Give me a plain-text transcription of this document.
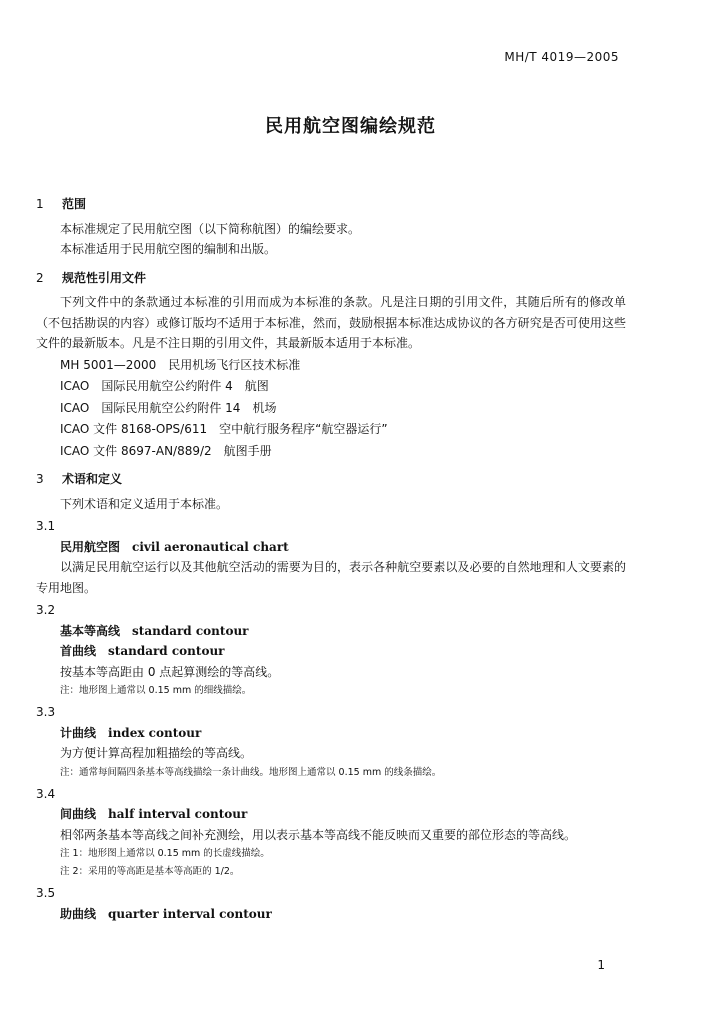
MH/T 4019—2005
民用航空图编绘规范
1 范围
本标准规定了民用航空图（以下简称航图）的编绘要求。
本标准适用于民用航空图的编制和出版。
2 规范性引用文件
下列文件中的条款通过本标准的引用而成为本标准的条款。凡是注日期的引用文件，其随后所有的修改单（不包括勘误的内容）或修订版均不适用于本标准，然而，鼓励根据本标准达成协议的各方研究是否可使用这些文件的最新版本。凡是不注日期的引用文件，其最新版本适用于本标准。
MH 5001—2000　民用机场飞行区技术标准
ICAO　国际民用航空公约附件 4　航图
ICAO　国际民用航空公约附件 14　机场
ICAO 文件 8168-OPS/611　空中航行服务程序“航空器运行”
ICAO 文件 8697-AN/889/2　航图手册
3 术语和定义
下列术语和定义适用于本标准。
3.1
民用航空图 civil aeronautical chart
以满足民用航空运行以及其他航空活动的需要为目的，表示各种航空要素以及必要的自然地理和人文要素的专用地图。
3.2
基本等高线 standard contour
首曲线 standard contour
按基本等高距由 0 点起算测绘的等高线。
注：地形图上通常以 0.15 mm 的细线描绘。
3.3
计曲线 index contour
为方便计算高程加粗描绘的等高线。
注：通常每间隔四条基本等高线描绘一条计曲线。地形图上通常以 0.15 mm 的线条描绘。
3.4
间曲线 half interval contour
相邻两条基本等高线之间补充测绘，用以表示基本等高线不能反映而又重要的部位形态的等高线。
注 1：地形图上通常以 0.15 mm 的长虚线描绘。
注 2：采用的等高距是基本等高距的 1/2。
3.5
助曲线 quarter interval contour
1
